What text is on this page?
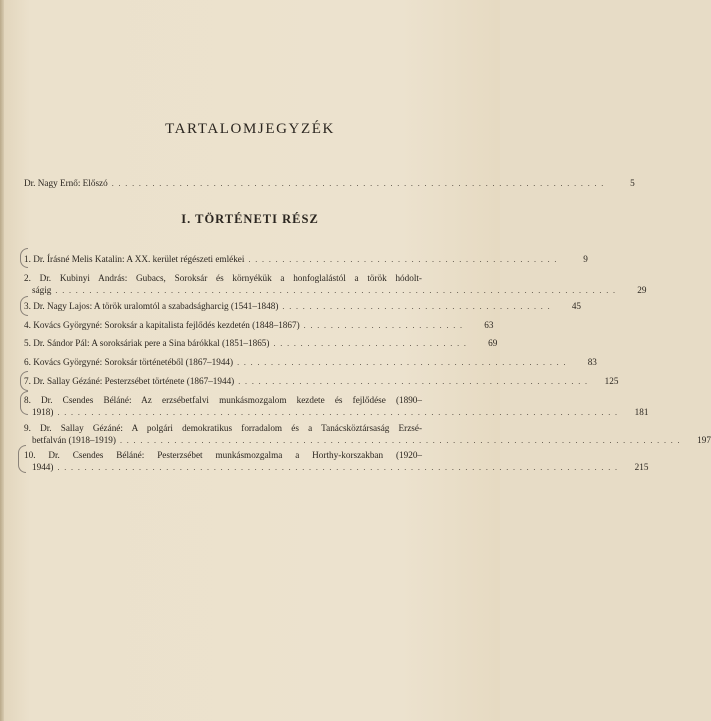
TARTALOMJEGYZÉK
Dr. Nagy Ernő: Előszó . . . . . . . . . . . . . . . . . . . . . . . . . . . . . . . . . . . . . . . . . . . . . . . . . . . . . . . . . . . . . . . . . . . . . . . . .	5
I. TÖRTÉNETI RÉSZ
1. Dr. Írásné Melis Katalin: A XX. kerület régészeti emlékei . . . . . . . . . . . . . . . . . . . . . . . . . . . . . . . . . . . . . . . . . . . . . .	9
2. Dr. Kubinyi András: Gubacs, Soroksár és környékük a honfoglalástól a török hódolt-
ságig . . . . . . . . . . . . . . . . . . . . . . . . . . . . . . . . . . . . . . . . . . . . . . . . . . . . . . . . . . . . . . . . . . . . . . . . . . . . . . . . . . .	29
3. Dr. Nagy Lajos: A török uralomtól a szabadságharcig (1541–1848) . . . . . . . . . . . . . . . . . . . . . . . . . . . . . . . . . . . . . . . .	45
4. Kovács Györgyné: Soroksár a kapitalista fejlődés kezdetén (1848–1867) . . . . . . . . . . . . . . . . . . . . . . . .	63
5. Dr. Sándor Pál: A soroksáriak pere a Sina bárókkal (1851–1865) . . . . . . . . . . . . . . . . . . . . . . . . . . . . .	69
6. Kovács Györgyné: Soroksár történetéből (1867–1944) . . . . . . . . . . . . . . . . . . . . . . . . . . . . . . . . . . . . . . . . . . . . . . . . .	83
7. Dr. Sallay Gézáné: Pesterzsébet története (1867–1944) . . . . . . . . . . . . . . . . . . . . . . . . . . . . . . . . . . . . . . . . . . . . . . . . . . . .	125
8. Dr. Csendes Béláné: Az erzsébetfalvi munkásmozgalom kezdete és fejlődése (1890–
1918) . . . . . . . . . . . . . . . . . . . . . . . . . . . . . . . . . . . . . . . . . . . . . . . . . . . . . . . . . . . . . . . . . . . . . . . . . . . . . . . . . . .	181
9. Dr. Sallay Gézáné: A polgári demokratikus forradalom és a Tanácsköztársaság Erzsé-
betfalván (1918–1919) . . . . . . . . . . . . . . . . . . . . . . . . . . . . . . . . . . . . . . . . . . . . . . . . . . . . . . . . . . . . . . . . . . . . . . . . . . . . . . . . . . .	197
10. Dr. Csendes Béláné: Pesterzsébet munkásmozgalma a Horthy-korszakban (1920–
1944) . . . . . . . . . . . . . . . . . . . . . . . . . . . . . . . . . . . . . . . . . . . . . . . . . . . . . . . . . . . . . . . . . . . . . . . . . . . . . . . . . . .	215
